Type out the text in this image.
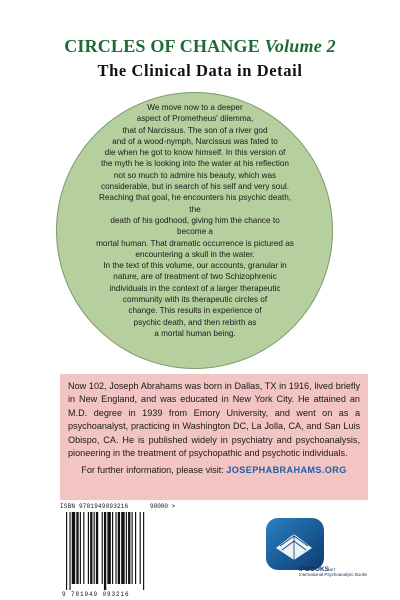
CIRCLES OF CHANGE Volume 2
The Clinical Data in Detail

We move now to a deeper

aspect of Prometheus' dilemma,

that of Narcissus. The son of a river god

and of a wood-nymph, Narcissus was fated to

die when he got to know himself. In this version of

the myth he is looking into the water at his reflection

not so much to admire his beauty, which was

considerable, but in search of his self and very soul.

Reaching that goal, he encounters his psychic death, the

death of his godhood, giving him the chance to become a

mortal human. That dramatic occurrence is pictured as

encountering a skull in the water.

In the text of this volume, our accounts, granular in

nature, are of treatment of two Schizophrenic

individuals in the context of a larger therapeutic

community with its therapeutic circles of

change. This results in experience of

psychic death, and then rebirth as

a mortal human being.

Now 102, Joseph Abrahams was born in Dallas, TX in 1916, lived briefly in New England, and was educated in New York City. He attained an M.D. degree in 1939 from Emory University, and went on as a psychoanalyst, practicing in Washington DC, La Jolla, CA, and San Luis Obispo, CA. He is published widely in psychiatry and psychoanalysis, pioneering in the treatment of psychopathic and psychotic individuals.

For further information, please visit: JOSEPHABRAHAMS.ORG
ISBN 9781949093216	90000 >
9 781949 093216
IPBOOKS NET
International Psychoanalytic Books
